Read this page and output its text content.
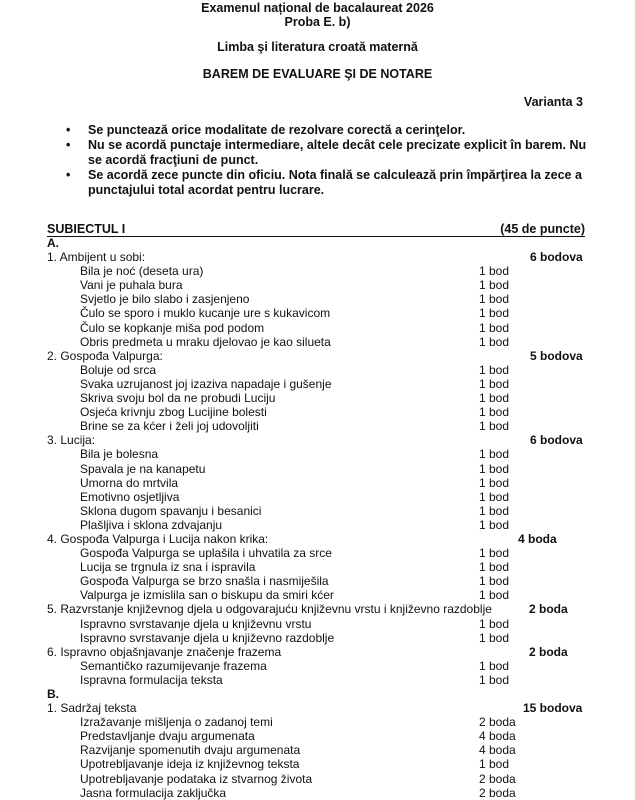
Examenul național de bacalaureat 2026
Proba E. b)
Limba şi literatura croată maternă
BAREM DE EVALUARE ŞI DE NOTARE
Varianta 3
• Se punctează orice modalitate de rezolvare corectă a cerinţelor.
• Nu se acordă punctaje intermediare, altele decât cele precizate explicit în barem. Nu se acordă fracţiuni de punct.
• Se acordă zece puncte din oficiu. Nota finală se calculează prin împărţirea la zece a punctajului total acordat pentru lucrare.
SUBIECTUL I	(45 de puncte)
A.
1. Ambijent u sobi:	6 bodova
Bila je noć (deseta ura)	1 bod
Vani je puhala bura	1 bod
Svjetlo je bilo slabo i zasjenjeno	1 bod
Čulo se sporo i muklo kucanje ure s kukavicom	1 bod
Čulo se kopkanje miša pod podom	1 bod
Obris predmeta u mraku djelovao je kao silueta	1 bod
2. Gospođa Valpurga:	5 bodova
Boluje od srca	1 bod
Svaka uzrujanost joj izaziva napadaje i gušenje	1 bod
Skriva svoju bol da ne probudi Luciju	1 bod
Osjeća krivnju zbog Lucijine bolesti	1 bod
Brine se za kćer i želi joj udovoljiti	1 bod
3. Lucija:	6 bodova
Bila je bolesna	1 bod
Spavala je na kanapetu	1 bod
Umorna do mrtvila	1 bod
Emotivno osjetljiva	1 bod
Sklona dugom spavanju i besanici	1 bod
Plašljiva i sklona zdvajanju	1 bod
4. Gospođa Valpurga i Lucija nakon krika:	4 boda
Gospođa Valpurga se uplašila i uhvatila za srce	1 bod
Lucija se trgnula iz sna i ispravila	1 bod
Gospođa Valpurga se brzo snašla i nasmiješila	1 bod
Valpurga je izmislila san o biskupu da smiri kćer	1 bod
5. Razvrstanje književnog djela u odgovarajuću književnu vrstu i književno razdoblje	2 boda
Ispravno svrstavanje djela u književnu vrstu	1 bod
Ispravno svrstavanje djela u književno razdoblje	1 bod
6. Ispravno objašnjavanje značenje frazema	2 boda
Semantičko razumijevanje frazema	1 bod
Ispravna formulacija teksta	1 bod
B.
1. Sadržaj teksta	15 bodova
Izražavanje mišljenja o zadanoj temi	2 boda
Predstavljanje dvaju argumenata	4 boda
Razvijanje spomenutih dvaju argumenata	4 boda
Upotrebljavanje ideja iz književnog teksta	1 bod
Upotrebljavanje podataka iz stvarnog života	2 boda
Jasna formulacija zaključka	2 boda
